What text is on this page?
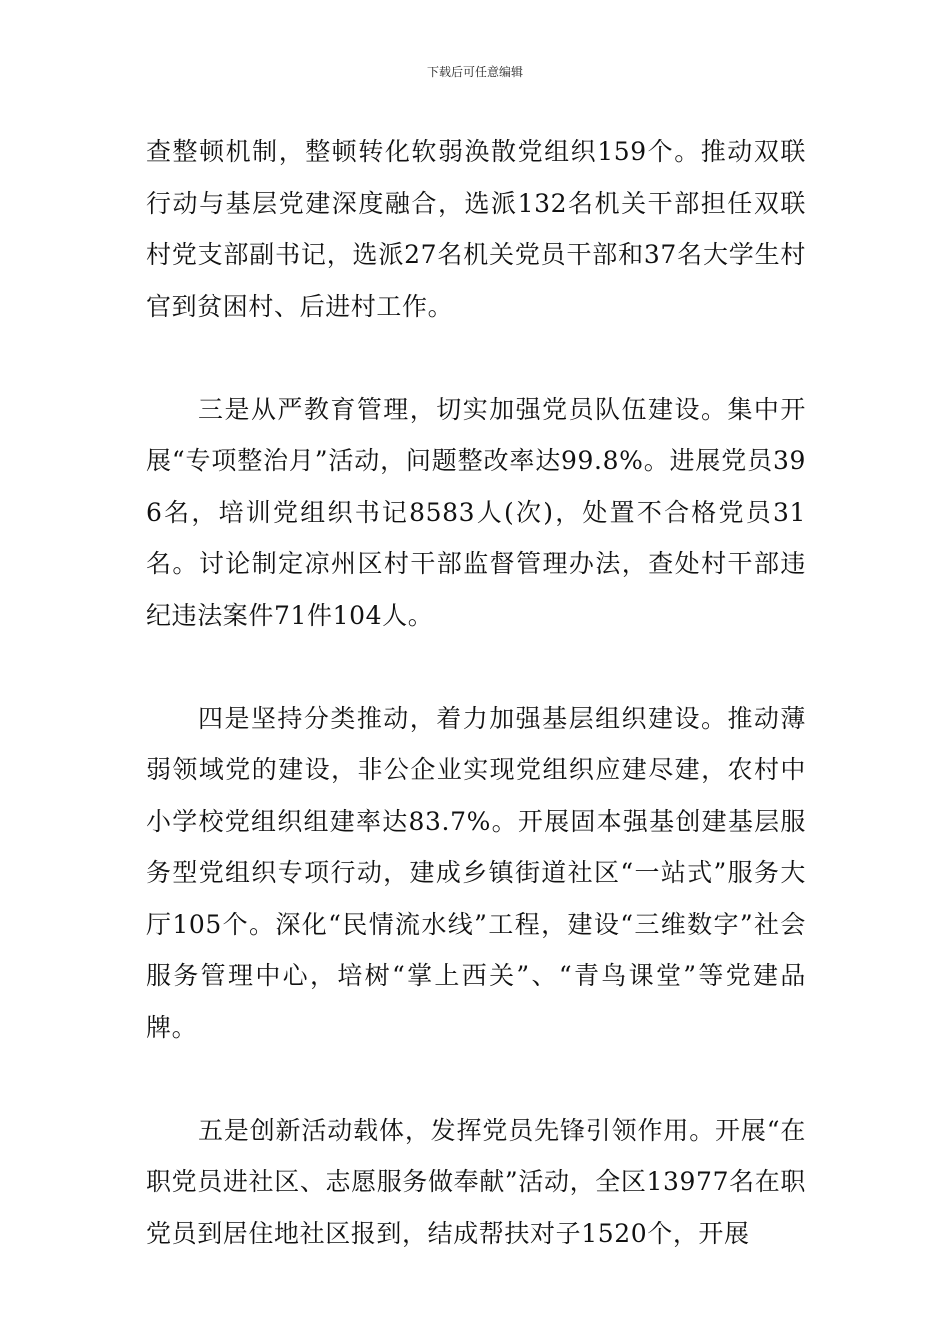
下载后可任意编辑

查整顿机制，整顿转化软弱涣散党组织159个。推动双联行动与基层党建深度融合，选派132名机关干部担任双联村党支部副书记，选派27名机关党员干部和37名大学生村官到贫困村、后进村工作。

三是从严教育管理，切实加强党员队伍建设。集中开展“专项整治月”活动，问题整改率达99.8%。进展党员396名，培训党组织书记8583人(次)，处置不合格党员31名。讨论制定凉州区村干部监督管理办法，查处村干部违纪违法案件71件104人。

四是坚持分类推动，着力加强基层组织建设。推动薄弱领域党的建设，非公企业实现党组织应建尽建，农村中小学校党组织组建率达83.7%。开展固本强基创建基层服务型党组织专项行动，建成乡镇街道社区“一站式”服务大厅105个。深化“民情流水线”工程，建设“三维数字”社会服务管理中心，培树“掌上西关”、“青鸟课堂”等党建品牌。

五是创新活动载体，发挥党员先锋引领作用。开展“在职党员进社区、志愿服务做奉献”活动，全区13977名在职党员到居住地社区报到，结成帮扶对子1520个，开展
